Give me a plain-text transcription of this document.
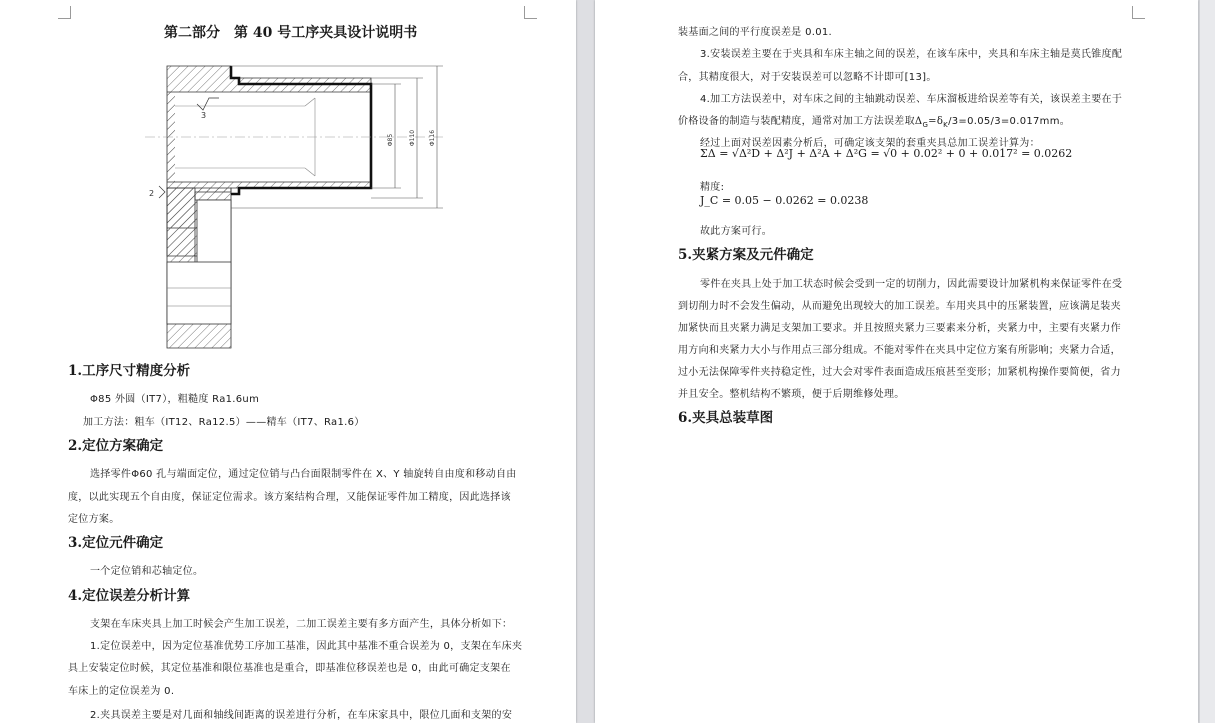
第二部分　第 40 号工序夹具设计说明书
Φ85	Φ110 Φ116
3
2
1.工序尺寸精度分析
Φ85 外圆（IT7），粗糙度 Ra1.6um
加工方法：粗车（IT12、Ra12.5）——精车（IT7、Ra1.6）
2.定位方案确定
选择零件Φ60 孔与端面定位，通过定位销与凸台面限制零件在 X、Y 轴旋转自由度和移动自由
度，以此实现五个自由度，保证定位需求。该方案结构合理，又能保证零件加工精度，因此选择该
定位方案。
3.定位元件确定
一个定位销和芯轴定位。
4.定位误差分析计算
支架在车床夹具上加工时候会产生加工误差，二加工误差主要有多方面产生，具体分析如下：
1.定位误差中，因为定位基准优势工序加工基准，因此其中基准不重合误差为 0，支架在车床夹
具上安装定位时候，其定位基准和限位基准也是重合，即基准位移误差也是 0，由此可确定支架在
车床上的定位误差为 0.
2.夹具误差主要是对几面和轴线间距离的误差进行分析，在车床家具中，限位几面和支架的安
装基面之间的平行度误差是 0.01.
3.安装误差主要在于夹具和车床主轴之间的误差，在该车床中，夹具和车床主轴是莫氏锥度配
合，其精度很大，对于安装误差可以忽略不计即可[13]。
4.加工方法误差中，对车床之间的主轴跳动误差、车床溜板进给误差等有关，该误差主要在于
价格设备的制造与装配精度，通常对加工方法误差取$\Delta_G=\delta_K/3=0.05/3=0.017mm$。
经过上面对误差因素分析后，可确定该支架的套重夹具总加工误差计算为：
ΣΔ = √Δ²D + Δ²J + Δ²A + Δ²G = √0 + 0.02² + 0 + 0.017² = 0.0262
精度:
J_C = 0.05 − 0.0262 = 0.0238
故此方案可行。
5.夹紧方案及元件确定
零件在夹具上处于加工状态时候会受到一定的切削力，因此需要设计加紧机构来保证零件在受
到切削力时不会发生偏动，从而避免出现较大的加工误差。车用夹具中的压紧装置，应该满足装夹
加紧快而且夹紧力满足支架加工要求。并且按照夹紧力三要素来分析，夹紧力中，主要有夹紧力作
用方向和夹紧力大小与作用点三部分组成。不能对零件在夹具中定位方案有所影响；夹紧力合适，
过小无法保障零件夹持稳定性，过大会对零件表面造成压痕甚至变形；加紧机构操作要简便，省力
并且安全。整机结构不繁琐，便于后期维修处理。
6.夹具总装草图
